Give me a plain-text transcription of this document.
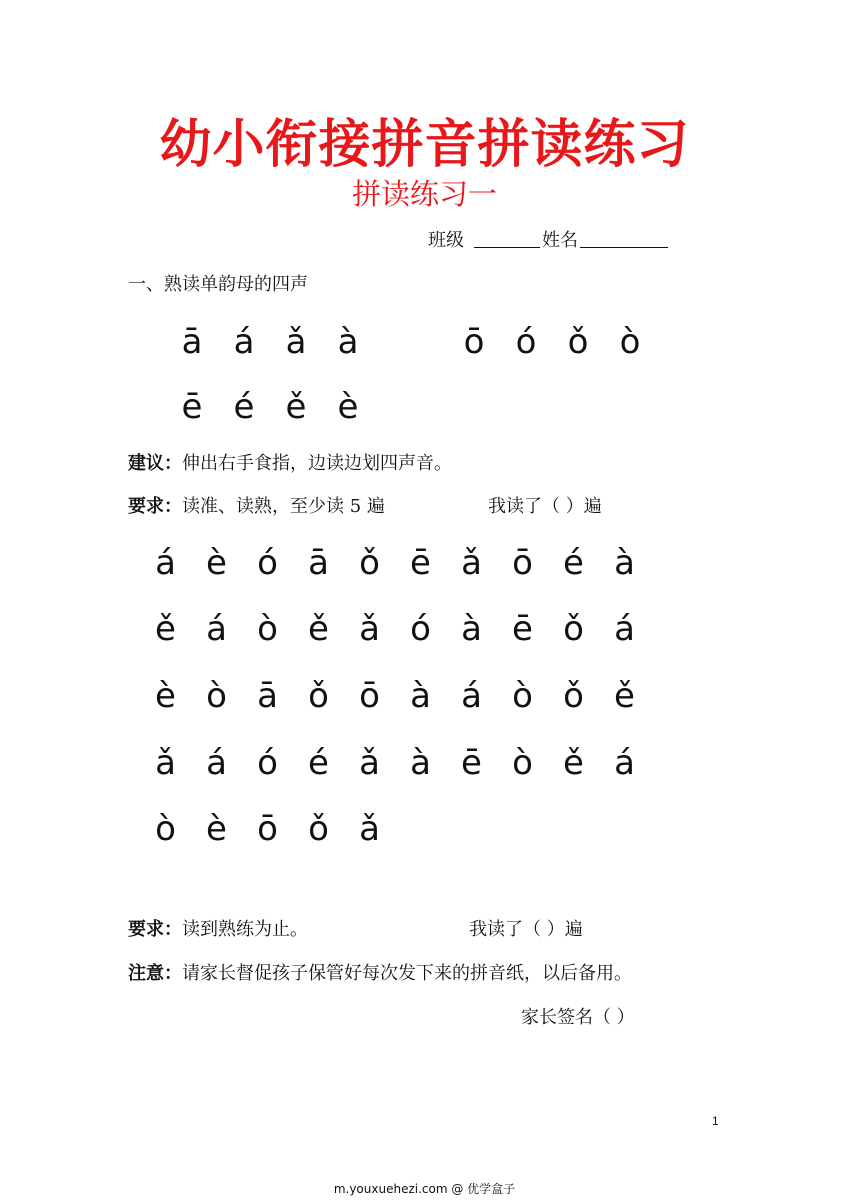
幼小衔接拼音拼读练习
拼读练习一
班级	姓名
一、熟读单韵母的四声
ā á ǎ à	ō ó ǒ ò
ē é ě è
建议：伸出右手食指，边读边划四声音。
要求：读准、读熟，至少读 5 遍	我读了（ ）遍
á è ó ā ǒ ē ǎ ō é à
ě á ò ě ǎ ó à ē ǒ á
è ò ā ǒ ō à á ò ǒ ě
ǎ á ó é ǎ à ē ò ě á
ò è ō ǒ ǎ
要求：读到熟练为止。	我读了（ ）遍
注意：请家长督促孩子保管好每次发下来的拼音纸，以后备用。
家长签名（ ）
1
m.youxuehezi.com @ 优学盒子
